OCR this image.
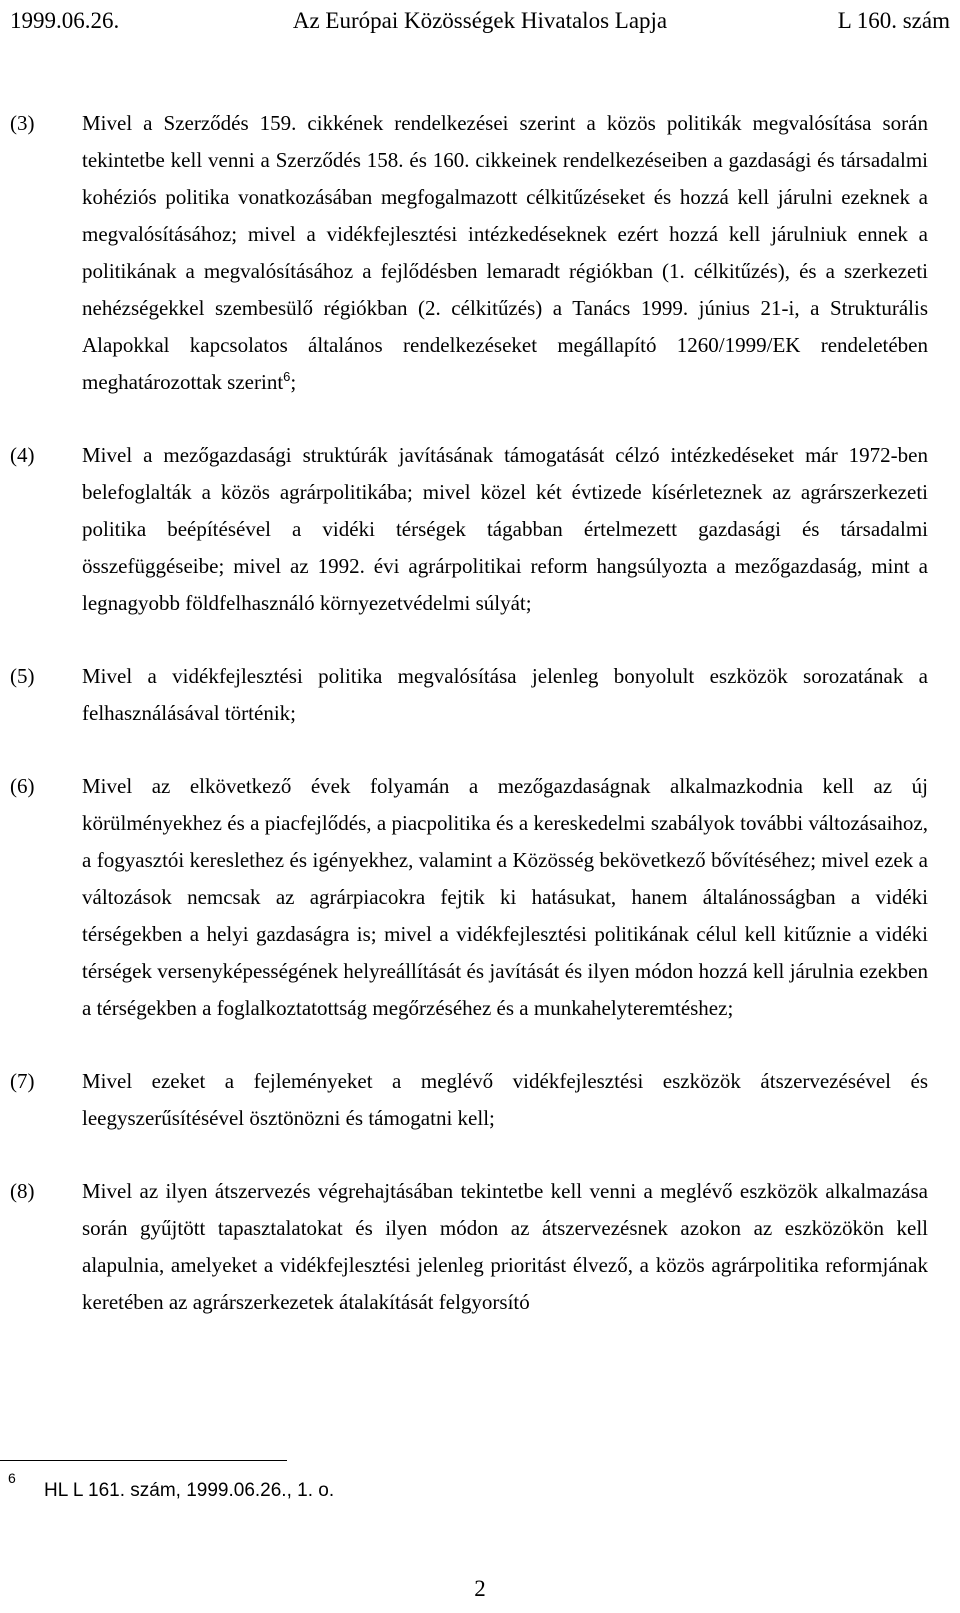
1999.06.26.	Az Európai Közösségek Hivatalos Lapja	L 160. szám
(3) Mivel a Szerződés 159. cikkének rendelkezései szerint a közös politikák megvalósítása során tekintetbe kell venni a Szerződés 158. és 160. cikkeinek rendelkezéseiben a gazdasági és társadalmi kohéziós politika vonatkozásában megfogalmazott célkitűzéseket és hozzá kell járulni ezeknek a megvalósításához; mivel a vidékfejlesztési intézkedéseknek ezért hozzá kell járulniuk ennek a politikának a megvalósításához a fejlődésben lemaradt régiókban (1. célkitűzés), és a szerkezeti nehézségekkel szembesülő régiókban (2. célkitűzés) a Tanács 1999. június 21-i, a Strukturális Alapokkal kapcsolatos általános rendelkezéseket megállapító 1260/1999/EK rendeletében meghatározottak szerint$^6$;
(4) Mivel a mezőgazdasági struktúrák javításának támogatását célzó intézkedéseket már 1972-ben belefoglalták a közös agrárpolitikába; mivel közel két évtizede kísérleteznek az agrárszerkezeti politika beépítésével a vidéki térségek tágabban értelmezett gazdasági és társadalmi összefüggéseibe; mivel az 1992. évi agrárpolitikai reform hangsúlyozta a mezőgazdaság, mint a legnagyobb földfelhasználó környezetvédelmi súlyát;
(5) Mivel a vidékfejlesztési politika megvalósítása jelenleg bonyolult eszközök sorozatának a felhasználásával történik;
(6) Mivel az elkövetkező évek folyamán a mezőgazdaságnak alkalmazkodnia kell az új körülményekhez és a piacfejlődés, a piacpolitika és a kereskedelmi szabályok további változásaihoz, a fogyasztói kereslethez és igényekhez, valamint a Közösség bekövetkező bővítéséhez; mivel ezek a változások nemcsak az agrárpiacokra fejtik ki hatásukat, hanem általánosságban a vidéki térségekben a helyi gazdaságra is; mivel a vidékfejlesztési politikának célul kell kitűznie a vidéki térségek versenyképességének helyreállítását és javítását és ilyen módon hozzá kell járulnia ezekben a térségekben a foglalkoztatottság megőrzéséhez és a munkahelyteremtéshez;
(7) Mivel ezeket a fejleményeket a meglévő vidékfejlesztési eszközök átszervezésével és leegyszerűsítésével ösztönözni és támogatni kell;
(8) Mivel az ilyen átszervezés végrehajtásában tekintetbe kell venni a meglévő eszközök alkalmazása során gyűjtött tapasztalatokat és ilyen módon az átszervezésnek azokon az eszközökön kell alapulnia, amelyeket a vidékfejlesztési jelenleg prioritást élvező, a közös agrárpolitika reformjának keretében az agrárszerkezetek átalakítását felgyorsító
6
HL L 161. szám, 1999.06.26., 1. o.
2
